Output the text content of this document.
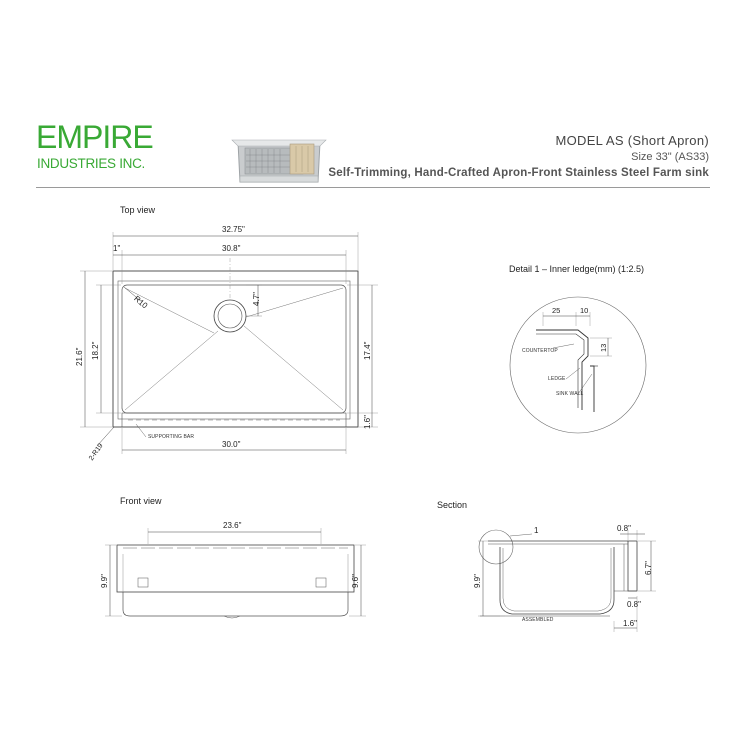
EMPIRE
INDUSTRIES INC.
MODEL AS (Short Apron)
Size 33" (AS33)
Self-Trimming, Hand-Crafted Apron-Front Stainless Steel Farm sink
Top view
32.75"
1"	30.8"
R10	4.7"
21.6" 18.2"	17.4"
1.6"
2-R19
SUPPORTING BAR
30.0"
Detail 1 – Inner ledge(mm) (1:2.5)
25	10
13
COUNTERTOP
LEDGE
SINK WALL
Front view
23.6"
9.9"	9.6"
Section
1	0.8"
9.9"
6.7"
0.8"
1.6"
ASSEMBLED
